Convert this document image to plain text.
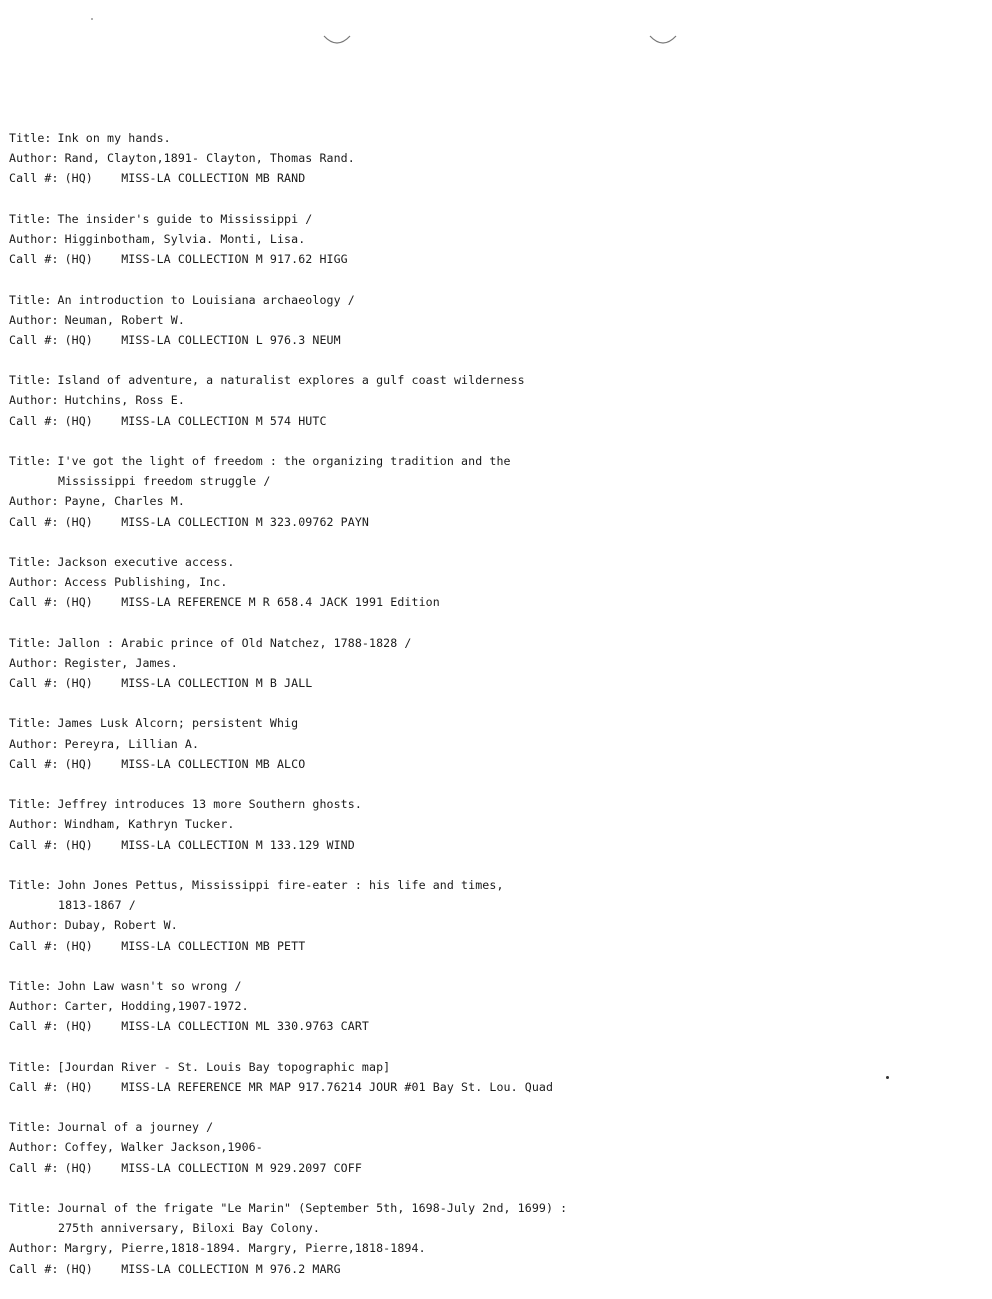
Title: Ink on my hands.
Author: Rand, Clayton,1891- Clayton, Thomas Rand.
Call #: (HQ)    MISS-LA COLLECTION MB RAND
Title: The insider's guide to Mississippi /
Author: Higginbotham, Sylvia. Monti, Lisa.
Call #: (HQ)    MISS-LA COLLECTION M 917.62 HIGG
Title: An introduction to Louisiana archaeology /
Author: Neuman, Robert W.
Call #: (HQ)    MISS-LA COLLECTION L 976.3 NEUM
Title: Island of adventure, a naturalist explores a gulf coast wilderness
Author: Hutchins, Ross E.
Call #: (HQ)    MISS-LA COLLECTION M 574 HUTC
Title: I've got the light of freedom : the organizing tradition and the
Mississippi freedom struggle /
Author: Payne, Charles M.
Call #: (HQ)    MISS-LA COLLECTION M 323.09762 PAYN
Title: Jackson executive access.
Author: Access Publishing, Inc.
Call #: (HQ)    MISS-LA REFERENCE M R 658.4 JACK 1991 Edition
Title: Jallon : Arabic prince of Old Natchez, 1788-1828 /
Author: Register, James.
Call #: (HQ)    MISS-LA COLLECTION M B JALL
Title: James Lusk Alcorn; persistent Whig
Author: Pereyra, Lillian A.
Call #: (HQ)    MISS-LA COLLECTION MB ALCO
Title: Jeffrey introduces 13 more Southern ghosts.
Author: Windham, Kathryn Tucker.
Call #: (HQ)    MISS-LA COLLECTION M 133.129 WIND
Title: John Jones Pettus, Mississippi fire-eater : his life and times,
1813-1867 /
Author: Dubay, Robert W.
Call #: (HQ)    MISS-LA COLLECTION MB PETT
Title: John Law wasn't so wrong /
Author: Carter, Hodding,1907-1972.
Call #: (HQ)    MISS-LA COLLECTION ML 330.9763 CART
Title: [Jourdan River - St. Louis Bay topographic map]
Call #: (HQ)    MISS-LA REFERENCE MR MAP 917.76214 JOUR #01 Bay St. Lou. Quad
Title: Journal of a journey /
Author: Coffey, Walker Jackson,1906-
Call #: (HQ)    MISS-LA COLLECTION M 929.2097 COFF
Title: Journal of the frigate "Le Marin" (September 5th, 1698-July 2nd, 1699) :
275th anniversary, Biloxi Bay Colony.
Author: Margry, Pierre,1818-1894. Margry, Pierre,1818-1894.
Call #: (HQ)    MISS-LA COLLECTION M 976.2 MARG
